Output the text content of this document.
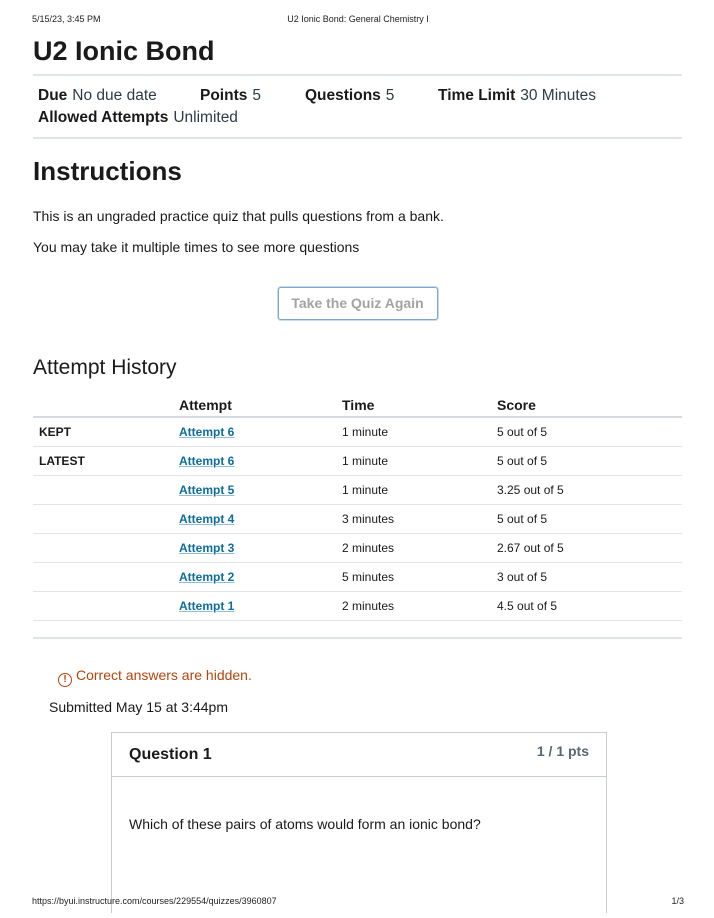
5/15/23, 3:45 PM	U2 Ionic Bond: General Chemistry I
U2 Ionic Bond
Due No due date	Points 5	Questions 5	Time Limit 30 Minutes
Allowed Attempts Unlimited
Instructions

This is an ungraded practice quiz that pulls questions from a bank.

You may take it multiple times to see more questions

Take the Quiz Again
Attempt History
	Attempt	Time	Score
KEPT	Attempt 6	1 minute	5 out of 5
LATEST	Attempt 6	1 minute	5 out of 5
	Attempt 5	1 minute	3.25 out of 5
	Attempt 4	3 minutes	5 out of 5
	Attempt 3	2 minutes	2.67 out of 5
	Attempt 2	5 minutes	3 out of 5
	Attempt 1	2 minutes	4.5 out of 5
! Correct answers are hidden.
Submitted May 15 at 3:44pm
Question 1	1 / 1 pts
Which of these pairs of atoms would form an ionic bond?
https://byui.instructure.com/courses/229554/quizzes/3960807	1/3
